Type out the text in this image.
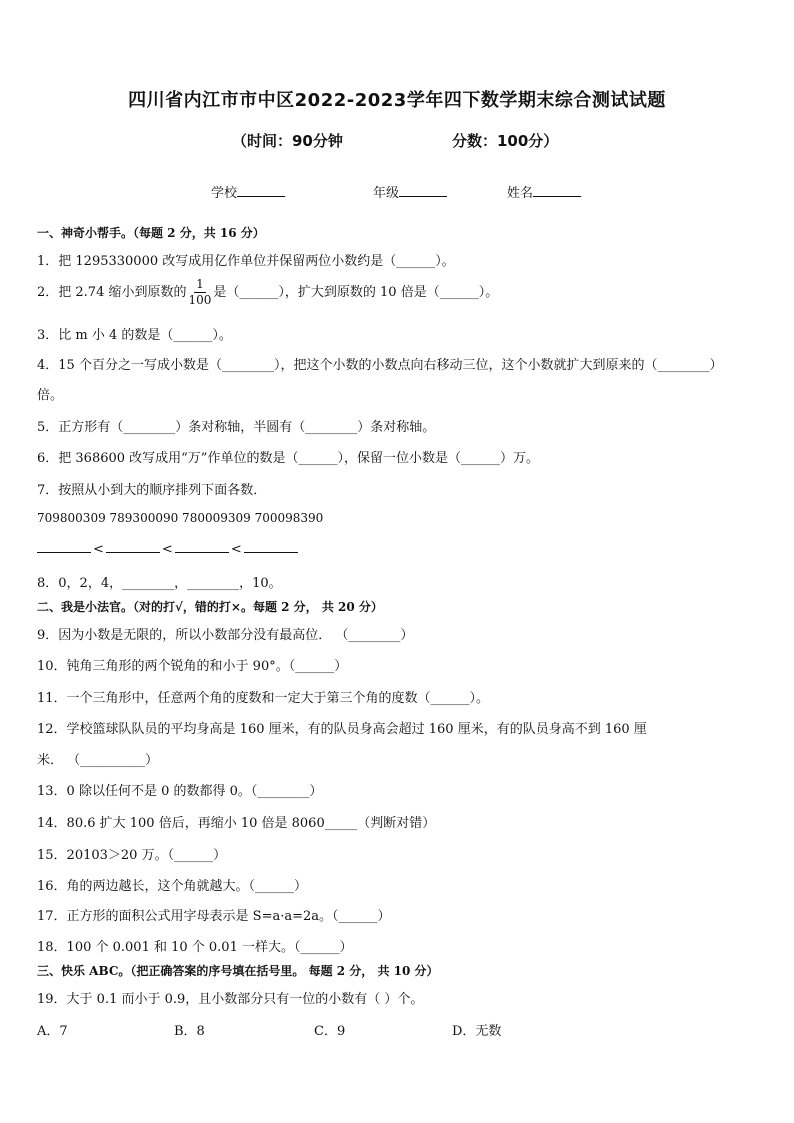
四川省内江市市中区2022-2023学年四下数学期末综合测试试题
（时间：90分钟	分数：100分）
学校	年级	姓名
一、神奇小帮手。（每题 2 分，共 16 分）
1．把 1295330000 改写成用亿作单位并保留两位小数约是（______）。
2．把 2.74 缩小到原数的 $\frac{1}{100}$ 是（______），扩大到原数的 10 倍是（______）。
3．比 m 小 4 的数是（______）。
4．15 个百分之一写成小数是（________），把这个小数的小数点向右移动三位，这个小数就扩大到原来的（________）
倍。
5．正方形有（________）条对称轴，半圆有（________）条对称轴。
6．把 368600 改写成用“万”作单位的数是（______），保留一位小数是（______）万。
7．按照从小到大的顺序排列下面各数．
709800309 789300090 780009309 700098390
<	<	<
8．0，2，4，________，________，10。
二、我是小法官。（对的打√，错的打×。每题 2 分， 共 20 分）
9．因为小数是无限的，所以小数部分没有最高位． （________）
10．钝角三角形的两个锐角的和小于 90°。（______）
11．一个三角形中，任意两个角的度数和一定大于第三个角的度数（______）。
12．学校篮球队队员的平均身高是 160 厘米，有的队员身高会超过 160 厘米，有的队员身高不到 160 厘
米． （__________）
13．0 除以任何不是 0 的数都得 0。（________）
14．80.6 扩大 100 倍后，再缩小 10 倍是 8060_____（判断对错）
15．20103＞20 万。（______）
16．角的两边越长，这个角就越大。（______）
17．正方形的面积公式用字母表示是 S=a·a=2a。（______）
18．100 个 0.001 和 10 个 0.01 一样大。（______）
三、快乐 ABC。（把正确答案的序号填在括号里。 每题 2 分， 共 10 分）
19．大于 0.1 而小于 0.9，且小数部分只有一位的小数有（ ）个。
A．7	B．8	C．9	D．无数
